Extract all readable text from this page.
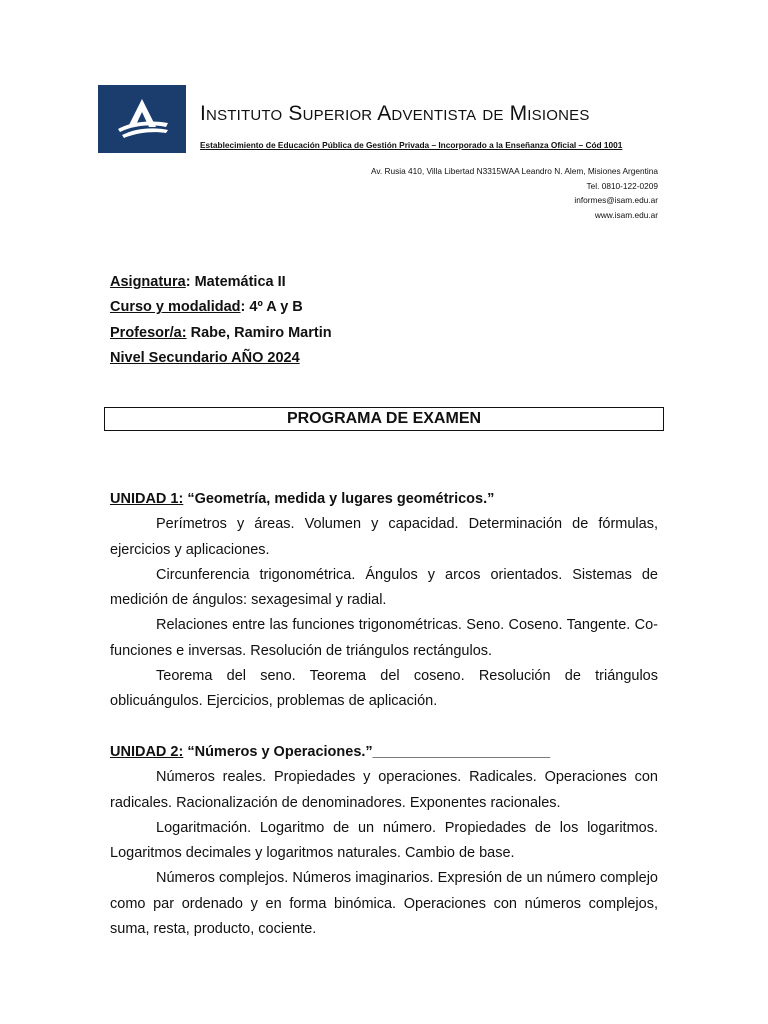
Instituto Superior Adventista de Misiones
Establecimiento de Educación Pública de Gestión Privada – Incorporado a la Enseñanza Oficial – Cód 1001
Av. Rusia 410, Villa Libertad N3315WAA Leandro N. Alem, Misiones Argentina
Tel. 0810-122-0209
informes@isam.edu.ar
www.isam.edu.ar
Asignatura: Matemática II
Curso y modalidad: 4º A y B
Profesor/a: Rabe, Ramiro Martin
Nivel Secundario AÑO 2024
PROGRAMA DE EXAMEN

UNIDAD 1: “Geometría, medida y lugares geométricos.”

Perímetros y áreas. Volumen y capacidad. Determinación de fórmulas, ejercicios y aplicaciones.

Circunferencia trigonométrica. Ángulos y arcos orientados. Sistemas de medición de ángulos: sexagesimal y radial.

Relaciones entre las funciones trigonométricas. Seno. Coseno. Tangente. Co-funciones e inversas. Resolución de triángulos rectángulos.

Teorema del seno. Teorema del coseno. Resolución de triángulos oblicuángulos. Ejercicios, problemas de aplicación.

UNIDAD 2: “Números y Operaciones.”______________________

Números reales. Propiedades y operaciones. Radicales. Operaciones con radicales. Racionalización de denominadores. Exponentes racionales.

Logaritmación. Logaritmo de un número. Propiedades de los logaritmos. Logaritmos decimales y logaritmos naturales. Cambio de base.

Números complejos. Números imaginarios. Expresión de un número complejo como par ordenado y en forma binómica. Operaciones con números complejos, suma, resta, producto, cociente.
